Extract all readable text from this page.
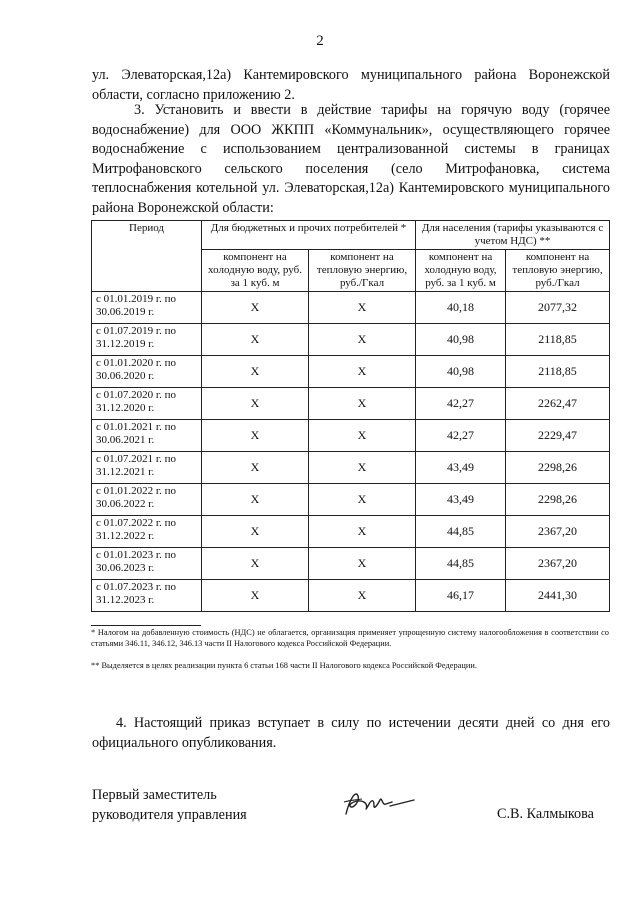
2
ул. Элеваторская,12а) Кантемировского муниципального района Воронежской области, согласно приложению 2.
3. Установить и ввести в действие тарифы на горячую воду (горячее водоснабжение) для ООО ЖКПП «Коммунальник», осуществляющего горячее водоснабжение с использованием централизованной системы в границах Митрофановского сельского поселения (село Митрофановка, система теплоснабжения котельной ул. Элеваторская,12а) Кантемировского муниципального района Воронежской области:
Период	Для бюджетных и прочих потребителей *		Для населения (тарифы указываются с учетом НДС) **	
	компонент на холодную воду, руб. за 1 куб. м	компонент на тепловую энергию, руб./Гкал	компонент на холодную воду, руб. за 1 куб. м	компонент на тепловую энергию, руб./Гкал
с 01.01.2019 г. по 30.06.2019 г.	Х	Х	40,18	2077,32
с 01.07.2019 г. по 31.12.2019 г.	Х	Х	40,98	2118,85
с 01.01.2020 г. по 30.06.2020 г.	Х	Х	40,98	2118,85
с 01.07.2020 г. по 31.12.2020 г.	Х	Х	42,27	2262,47
с 01.01.2021 г. по 30.06.2021 г.	Х	Х	42,27	2229,47
с 01.07.2021 г. по 31.12.2021 г.	Х	Х	43,49	2298,26
с 01.01.2022 г. по 30.06.2022 г.	Х	Х	43,49	2298,26
с 01.07.2022 г. по 31.12.2022 г.	Х	Х	44,85	2367,20
с 01.01.2023 г. по 30.06.2023 г.	Х	Х	44,85	2367,20
с 01.07.2023 г. по 31.12.2023 г.	Х	Х	46,17	2441,30
* Налогом на добавленную стоимость (НДС) не облагается, организация применяет упрощенную систему налогообложения в соответствии со статьями 346.11, 346.12, 346.13 части II Налогового кодекса Российской Федерации.
** Выделяется в целях реализации пункта 6 статьи 168 части II Налогового кодекса Российской Федерации.
4. Настоящий приказ вступает в силу по истечении десяти дней со дня его официального опубликования.
Первый заместитель
руководителя управления	С.В. Калмыкова
